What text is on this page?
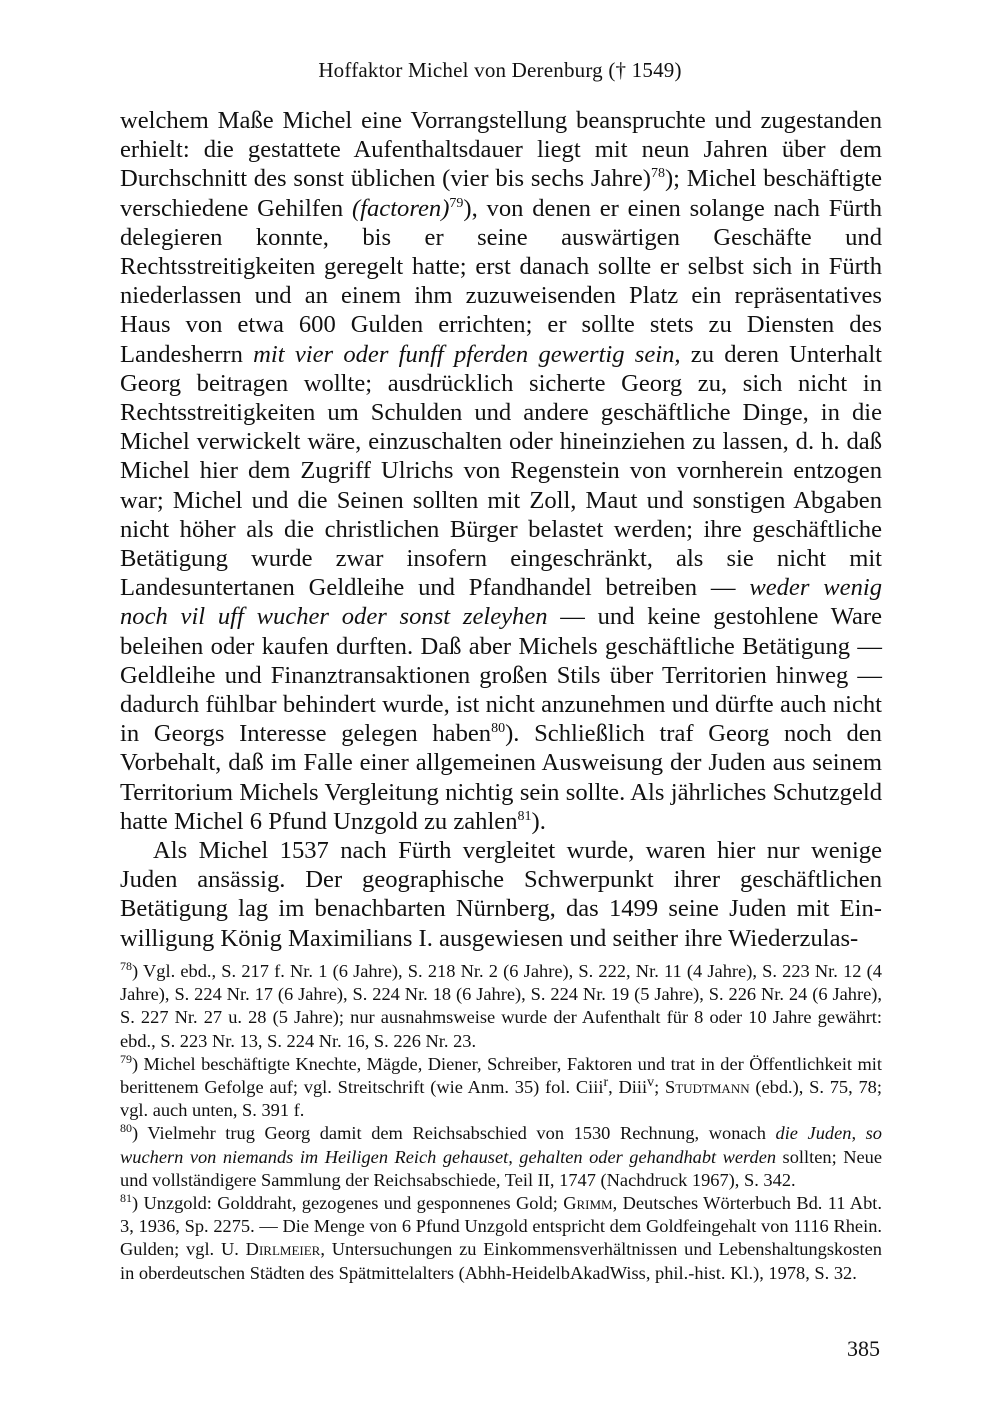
Hoffaktor Michel von Derenburg († 1549)

welchem Maße Michel eine Vorrangstellung beanspruchte und zugestanden erhielt: die gestattete Aufenthaltsdauer liegt mit neun Jahren über dem Durchschnitt des sonst üblichen (vier bis sechs Jahre)$^{78}$); Michel beschäftigte verschiedene Gehilfen (factoren)$^{79}$), von denen er einen solange nach Fürth delegieren konnte, bis er seine auswärtigen Geschäfte und Rechtsstreitigkeiten geregelt hatte; erst danach sollte er selbst sich in Fürth niederlassen und an einem ihm zuzuweisenden Platz ein repräsentatives Haus von etwa 600 Gulden errichten; er sollte stets zu Diensten des Landesherrn mit vier oder funff pferden gewertig sein, zu deren Unterhalt Georg beitragen wollte; ausdrücklich sicherte Georg zu, sich nicht in Rechtsstreitigkeiten um Schulden und andere geschäftliche Dinge, in die Michel verwickelt wäre, einzuschalten oder hineinziehen zu lassen, d. h. daß Michel hier dem Zugriff Ulrichs von Regenstein von vornherein entzogen war; Michel und die Seinen sollten mit Zoll, Maut und sonstigen Abgaben nicht höher als die christlichen Bürger belastet werden; ihre geschäftliche Betätigung wurde zwar insofern eingeschränkt, als sie nicht mit Landesuntertanen Geldleihe und Pfandhandel betreiben — weder wenig noch vil uff wucher oder sonst zeleyhen — und keine gestohlene Ware beleihen oder kaufen durften. Daß aber Michels geschäftliche Betätigung — Geldleihe und Finanztransaktionen großen Stils über Territorien hinweg — dadurch fühlbar behindert wurde, ist nicht anzunehmen und dürfte auch nicht in Georgs Interesse gelegen haben$^{80}$). Schließlich traf Georg noch den Vorbehalt, daß im Falle einer allgemeinen Ausweisung der Juden aus seinem Territorium Michels Vergleitung nichtig sein sollte. Als jährliches Schutzgeld hatte Michel 6 Pfund Unzgold zu zahlen$^{81}$).

Als Michel 1537 nach Fürth vergleitet wurde, waren hier nur wenige Juden ansässig. Der geographische Schwerpunkt ihrer geschäftlichen Betätigung lag im benachbarten Nürnberg, das 1499 seine Juden mit Einwilligung König Maximilians I. ausgewiesen und seither ihre Wiederzulas-

$^{78}$) Vgl. ebd., S. 217 f. Nr. 1 (6 Jahre), S. 218 Nr. 2 (6 Jahre), S. 222, Nr. 11 (4 Jahre), S. 223 Nr. 12 (4 Jahre), S. 224 Nr. 17 (6 Jahre), S. 224 Nr. 18 (6 Jahre), S. 224 Nr. 19 (5 Jahre), S. 226 Nr. 24 (6 Jahre), S. 227 Nr. 27 u. 28 (5 Jahre); nur ausnahmsweise wurde der Aufenthalt für 8 oder 10 Jahre gewährt: ebd., S. 223 Nr. 13, S. 224 Nr. 16, S. 226 Nr. 23.

$^{79}$) Michel beschäftigte Knechte, Mägde, Diener, Schreiber, Faktoren und trat in der Öffentlichkeit mit berittenem Gefolge auf; vgl. Streitschrift (wie Anm. 35) fol. Ciii$^r$, Diii$^v$; Studtmann (ebd.), S. 75, 78; vgl. auch unten, S. 391 f.

$^{80}$) Vielmehr trug Georg damit dem Reichsabschied von 1530 Rechnung, wonach die Juden, so wuchern von niemands im Heiligen Reich gehauset, gehalten oder gehandhabt werden sollten; Neue und vollständigere Sammlung der Reichsabschiede, Teil II, 1747 (Nachdruck 1967), S. 342.

$^{81}$) Unzgold: Golddraht, gezogenes und gesponnenes Gold; Grimm, Deutsches Wörterbuch Bd. 11 Abt. 3, 1936, Sp. 2275. — Die Menge von 6 Pfund Unzgold entspricht dem Goldfeingehalt von 1116 Rhein. Gulden; vgl. U. Dirlmeier, Untersuchungen zu Einkommensverhältnissen und Lebenshaltungskosten in oberdeutschen Städten des Spätmittelalters (Abhh-HeidelbAkadWiss, phil.-hist. Kl.), 1978, S. 32.

385
